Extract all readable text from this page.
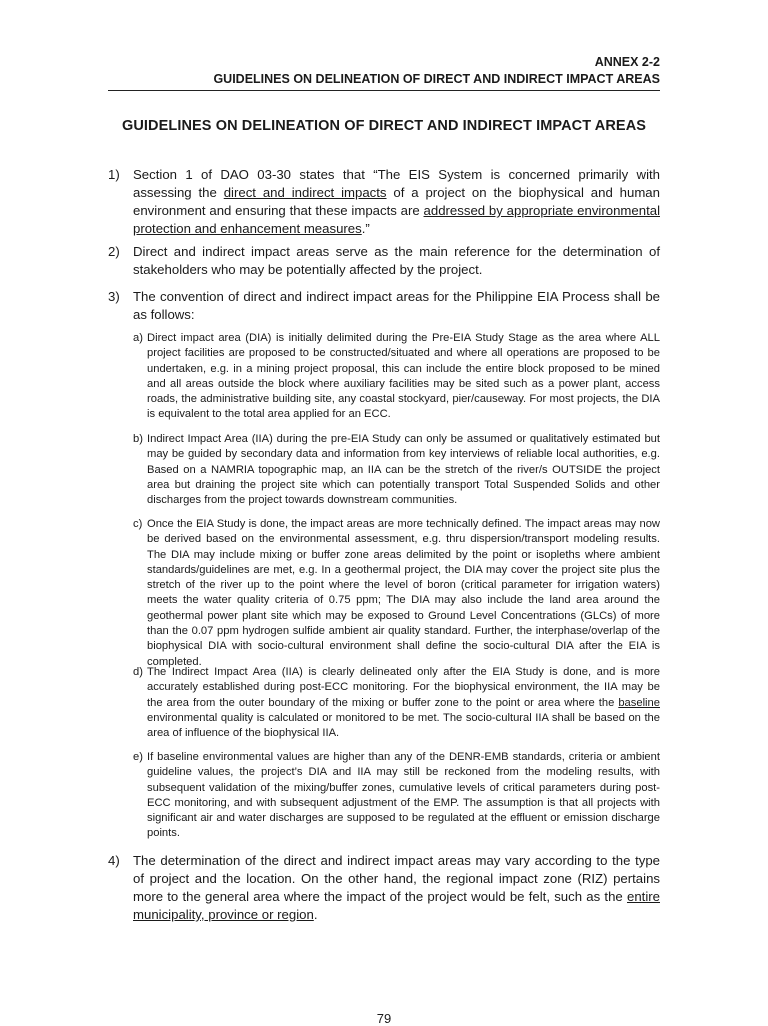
ANNEX 2-2
GUIDELINES ON DELINEATION OF DIRECT AND INDIRECT IMPACT AREAS
GUIDELINES ON DELINEATION OF DIRECT AND INDIRECT IMPACT AREAS
1) Section 1 of DAO 03-30 states that “The EIS System is concerned primarily with assessing the direct and indirect impacts of a project on the biophysical and human environment and ensuring that these impacts are addressed by appropriate environmental protection and enhancement measures.”
2) Direct and indirect impact areas serve as the main reference for the determination of stakeholders who may be potentially affected by the project.
3) The convention of direct and indirect impact areas for the Philippine EIA Process shall be as follows:
a) Direct impact area (DIA) is initially delimited during the Pre-EIA Study Stage as the area where ALL project facilities are proposed to be constructed/situated and where all operations are proposed to be undertaken, e.g. in a mining project proposal, this can include the entire block proposed to be mined and all areas outside the block where auxiliary facilities may be sited such as a power plant, access roads, the administrative building site, any coastal stockyard, pier/causeway. For most projects, the DIA is equivalent to the total area applied for an ECC.
b) Indirect Impact Area (IIA) during the pre-EIA Study can only be assumed or qualitatively estimated but may be guided by secondary data and information from key interviews of reliable local authorities, e.g. Based on a NAMRIA topographic map, an IIA can be the stretch of the river/s OUTSIDE the project area but draining the project site which can potentially transport Total Suspended Solids and other discharges from the project towards downstream communities.
c) Once the EIA Study is done, the impact areas are more technically defined. The impact areas may now be derived based on the environmental assessment, e.g. thru dispersion/transport modeling results. The DIA may include mixing or buffer zone areas delimited by the point or isopleths where ambient standards/guidelines are met, e.g. In a geothermal project, the DIA may cover the project site plus the stretch of the river up to the point where the level of boron (critical parameter for irrigation waters) meets the water quality criteria of 0.75 ppm; The DIA may also include the land area around the geothermal power plant site which may be exposed to Ground Level Concentrations (GLCs) of more than the 0.07 ppm hydrogen sulfide ambient air quality standard. Further, the interphase/overlap of the biophysical DIA with socio-cultural environment shall define the socio-cultural DIA after the EIA is completed.
d) The Indirect Impact Area (IIA) is clearly delineated only after the EIA Study is done, and is more accurately established during post-ECC monitoring. For the biophysical environment, the IIA may be the area from the outer boundary of the mixing or buffer zone to the point or area where the baseline environmental quality is calculated or monitored to be met. The socio-cultural IIA shall be based on the area of influence of the biophysical IIA.
e) If baseline environmental values are higher than any of the DENR-EMB standards, criteria or ambient guideline values, the project’s DIA and IIA may still be reckoned from the modeling results, with subsequent validation of the mixing/buffer zones, cumulative levels of critical parameters during post-ECC monitoring, and with subsequent adjustment of the EMP. The assumption is that all projects with significant air and water discharges are supposed to be regulated at the effluent or emission discharge points.
4) The determination of the direct and indirect impact areas may vary according to the type of project and the location. On the other hand, the regional impact zone (RIZ) pertains more to the general area where the impact of the project would be felt, such as the entire municipality, province or region.
79
